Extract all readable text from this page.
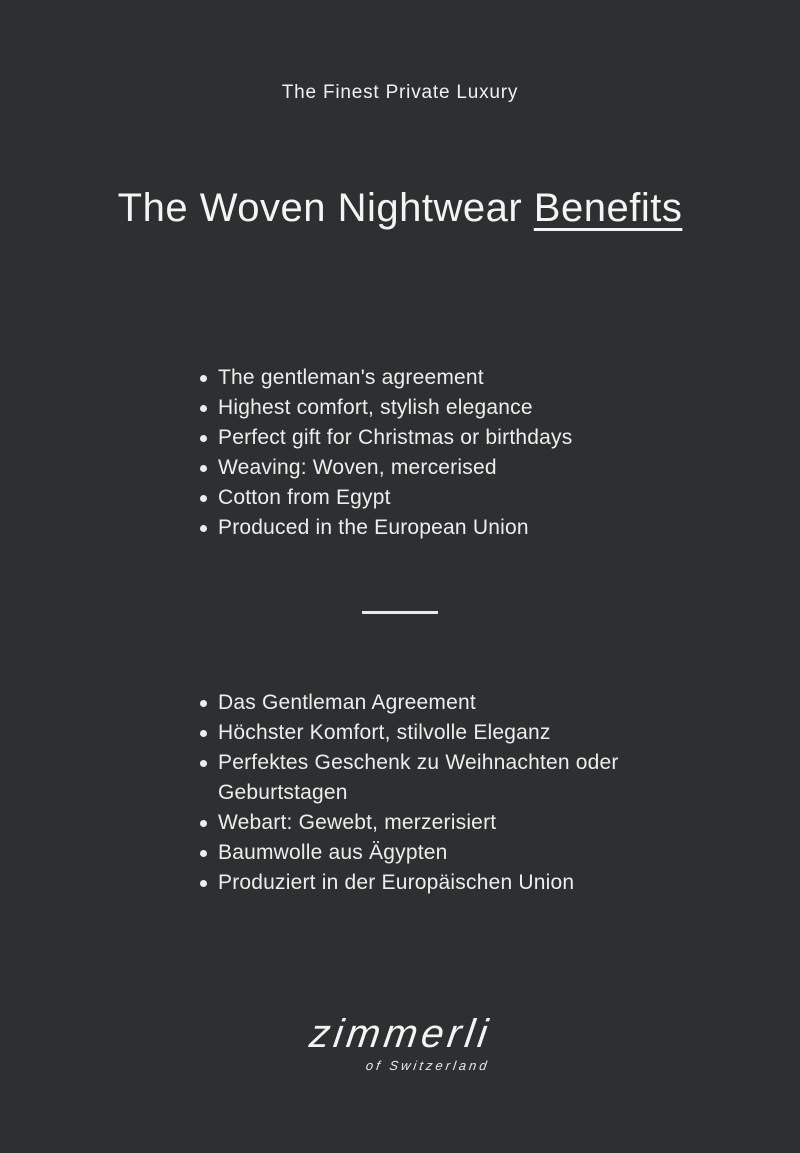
The Finest Private Luxury
The Woven Nightwear Benefits
The gentleman's agreement
Highest comfort, stylish elegance
Perfect gift for Christmas or birthdays
Weaving: Woven, mercerised
Cotton from Egypt
Produced in the European Union
Das Gentleman Agreement
Höchster Komfort, stilvolle Eleganz
Perfektes Geschenk zu Weihnachten oder Geburtstagen
Webart: Gewebt, merzerisiert
Baumwolle aus Ägypten
Produziert in der Europäischen Union
zimmerli
of Switzerland
